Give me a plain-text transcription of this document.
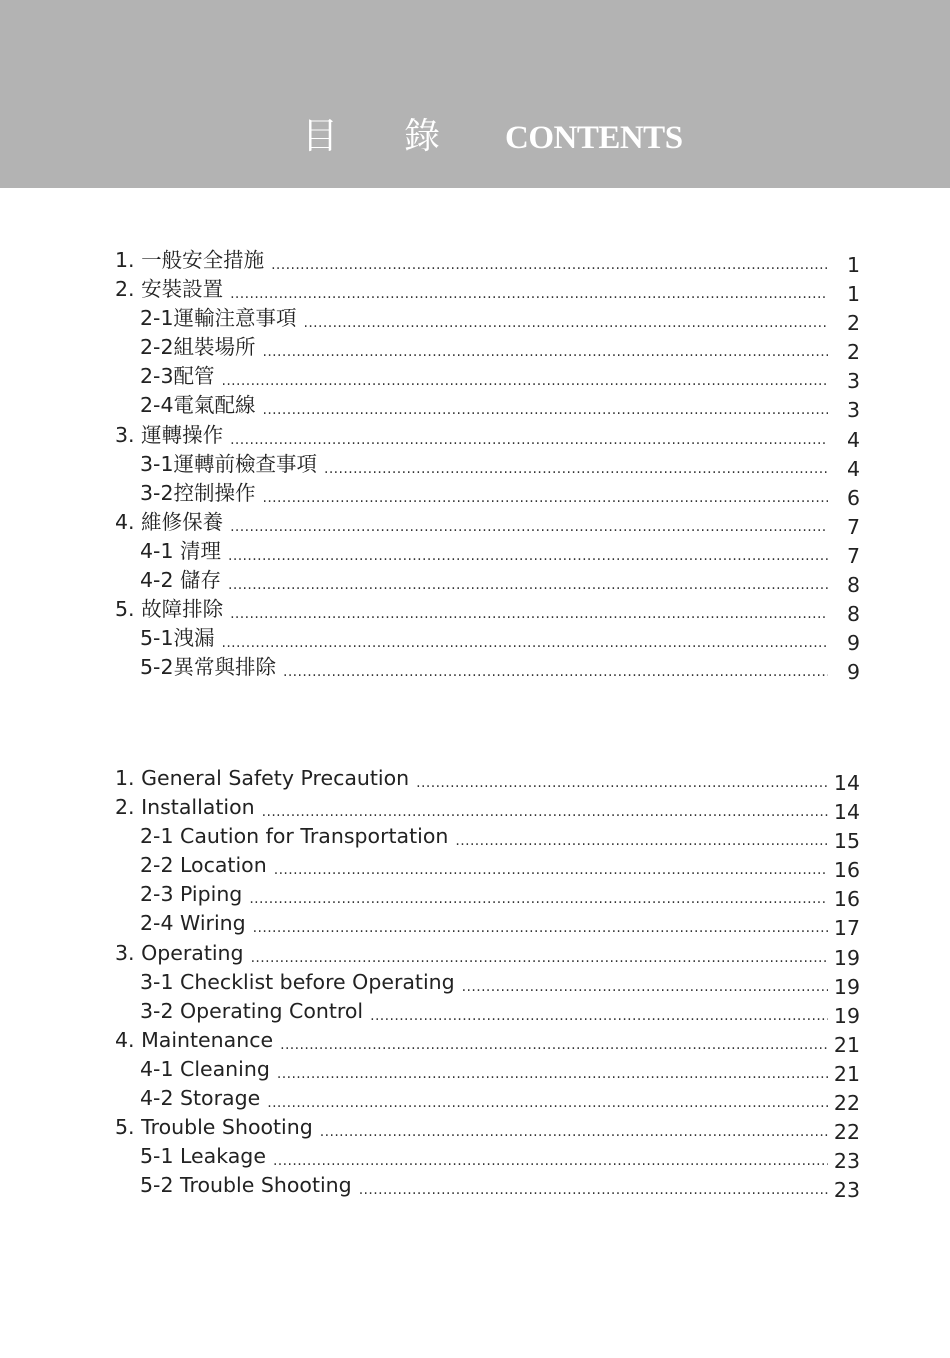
目 錄 CONTENTS
1. 一般安全措施 .....	1
2. 安裝設置 .....	1
2-1運輸注意事項 .....	2
2-2組裝場所 .....	2
2-3配管 .....	3
2-4電氣配線 .....	3
3. 運轉操作 .....	4
3-1運轉前檢查事項 .....	4
3-2控制操作 .....	6
4. 維修保養 .....	7
4-1 清理 .....	7
4-2 儲存 .....	8
5. 故障排除 .....	8
5-1洩漏 .....	9
5-2異常與排除 .....	9
1. General Safety Precaution .....	14
2. Installation .....	14
2-1 Caution for Transportation .....	15
2-2 Location .....	16
2-3 Piping .....	16
2-4 Wiring .....	17
3. Operating .....	19
3-1 Checklist before Operating .....	19
3-2 Operating Control .....	19
4. Maintenance .....	21
4-1 Cleaning .....	21
4-2 Storage .....	22
5. Trouble Shooting .....	22
5-1 Leakage .....	23
5-2 Trouble Shooting .....	23
